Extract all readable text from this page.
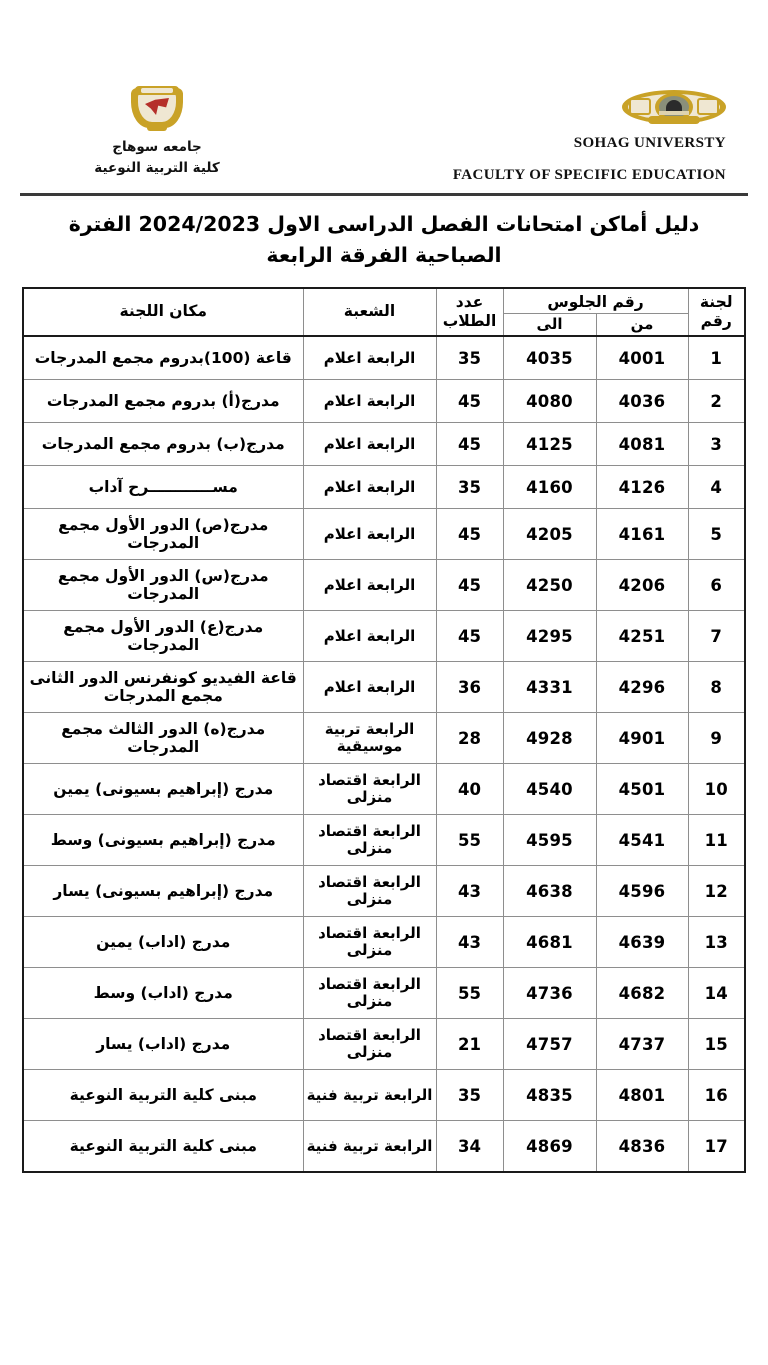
جامعه سوهاج
كلية التربية النوعية
SOHAG UNIVERSTY
FACULTY OF SPECIFIC EDUCATION
دليل أماكن امتحانات الفصل الدراسى الاول 2024/2023 الفترة الصباحية الفرقة الرابعة
لجنة رقم	رقم الجلوس		عدد الطلاب	الشعبة	مكان اللجنة
	من	الى			
1	4001	4035	35	الرابعة اعلام	قاعة (100)بدروم مجمع المدرجات
2	4036	4080	45	الرابعة اعلام	مدرج(أ) بدروم مجمع المدرجات
3	4081	4125	45	الرابعة اعلام	مدرج(ب) بدروم مجمع المدرجات
4	4126	4160	35	الرابعة اعلام	مســــــــــــرح آداب
5	4161	4205	45	الرابعة اعلام	مدرج(ص) الدور الأول مجمع المدرجات
6	4206	4250	45	الرابعة اعلام	مدرج(س) الدور الأول مجمع المدرجات
7	4251	4295	45	الرابعة اعلام	مدرج(ع) الدور الأول مجمع المدرجات
8	4296	4331	36	الرابعة اعلام	قاعة الفيديو كونفرنس الدور الثانى مجمع المدرجات
9	4901	4928	28	الرابعة تربية موسيقية	مدرج(ه) الدور الثالث مجمع المدرجات
10	4501	4540	40	الرابعة اقتصاد منزلى	مدرج (إبراهيم بسيونى) يمين
11	4541	4595	55	الرابعة اقتصاد منزلى	مدرج (إبراهيم بسيونى) وسط
12	4596	4638	43	الرابعة اقتصاد منزلى	مدرج (إبراهيم بسيونى) يسار
13	4639	4681	43	الرابعة اقتصاد منزلى	مدرج (اداب) يمين
14	4682	4736	55	الرابعة اقتصاد منزلى	مدرج (اداب) وسط
15	4737	4757	21	الرابعة اقتصاد منزلى	مدرج (اداب) يسار
16	4801	4835	35	الرابعة تربية فنية	مبنى كلية التربية النوعية
17	4836	4869	34	الرابعة تربية فنية	مبنى كلية التربية النوعية
